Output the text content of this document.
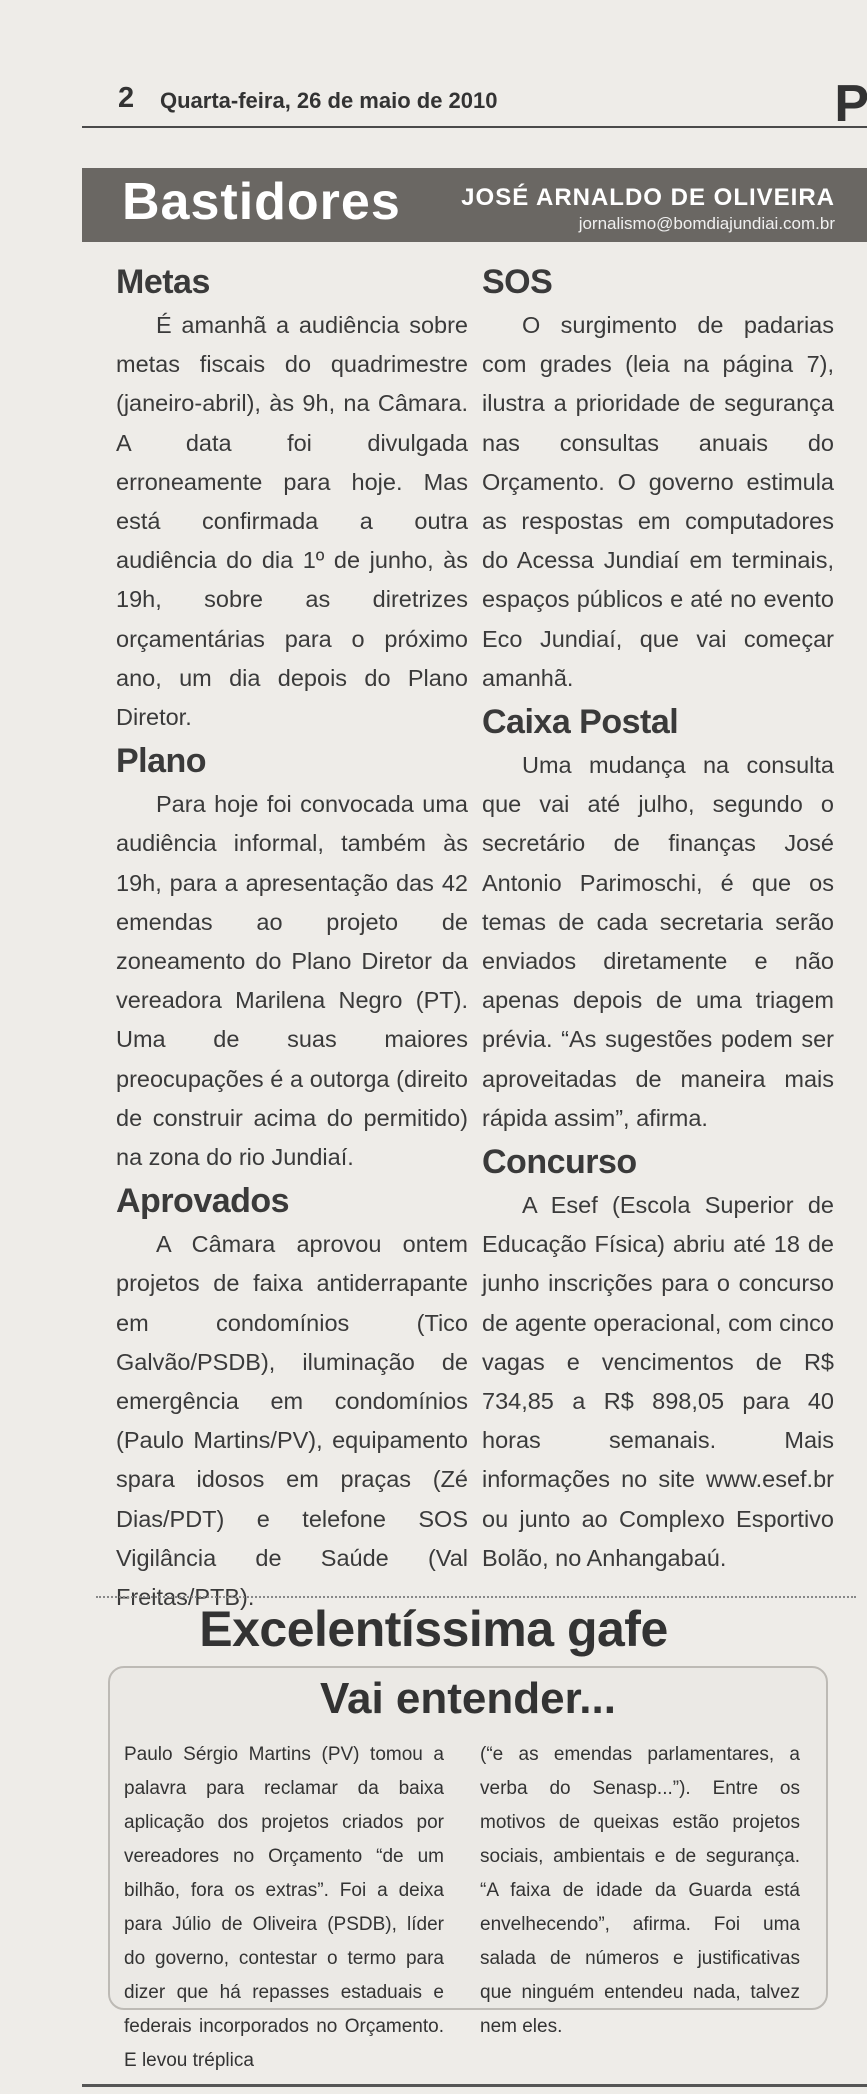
2 Quarta-feira, 26 de maio de 2010	P
Bastidores	JOSÉ ARNALDO DE OLIVEIRA
jornalismo@bomdiajundiai.com.br
Metas

É amanhã a audiência sobre metas fiscais do quadrimestre (janeiro-abril), às 9h, na Câmara. A data foi divulgada erroneamente para hoje. Mas está confirmada a outra audiência do dia 1º de junho, às 19h, sobre as diretrizes orçamentárias para o próximo ano, um dia depois do Plano Diretor.

Plano

Para hoje foi convocada uma audiência informal, também às 19h, para a apresentação das 42 emendas ao projeto de zoneamento do Plano Diretor da vereadora Marilena Negro (PT). Uma de suas maiores preocupações é a outorga (direito de construir acima do permitido) na zona do rio Jundiaí.

Aprovados

A Câmara aprovou ontem projetos de faixa antiderrapante em condomínios (Tico Galvão/PSDB), iluminação de emergência em condomínios (Paulo Martins/PV), equipamento spara idosos em praças (Zé Dias/PDT) e telefone SOS Vigilância de Saúde (Val Freitas/PTB).

SOS

O surgimento de padarias com grades (leia na página 7), ilustra a prioridade de segurança nas consultas anuais do Orçamento. O governo estimula as respostas em computadores do Acessa Jundiaí em terminais, espaços públicos e até no evento Eco Jundiaí, que vai começar amanhã.

Caixa Postal

Uma mudança na consulta que vai até julho, segundo o secretário de finanças José Antonio Parimoschi, é que os temas de cada secretaria serão enviados diretamente e não apenas depois de uma triagem prévia. “As sugestões podem ser aproveitadas de maneira mais rápida assim”, afirma.

Concurso

A Esef (Escola Superior de Educação Física) abriu até 18 de junho inscrições para o concurso de agente operacional, com cinco vagas e vencimentos de R$ 734,85 a R$ 898,05 para 40 horas semanais. Mais informações no site www.esef.br ou junto ao Complexo Esportivo Bolão, no Anhangabaú.

Excelentíssima gafe
Vai entender...
Paulo Sérgio Martins (PV) tomou a palavra para reclamar da baixa aplicação dos projetos criados por vereadores no Orçamento “de um bilhão, fora os extras”. Foi a deixa para Júlio de Oliveira (PSDB), líder do governo, contestar o termo para dizer que há repasses estaduais e federais incorporados no Orçamento. E levou tréplica
(“e as emendas parlamentares, a verba do Senasp...”). Entre os motivos de queixas estão projetos sociais, ambientais e de segurança. “A faixa de idade da Guarda está envelhecendo”, afirma. Foi uma salada de números e justificativas que ninguém entendeu nada, talvez nem eles.
